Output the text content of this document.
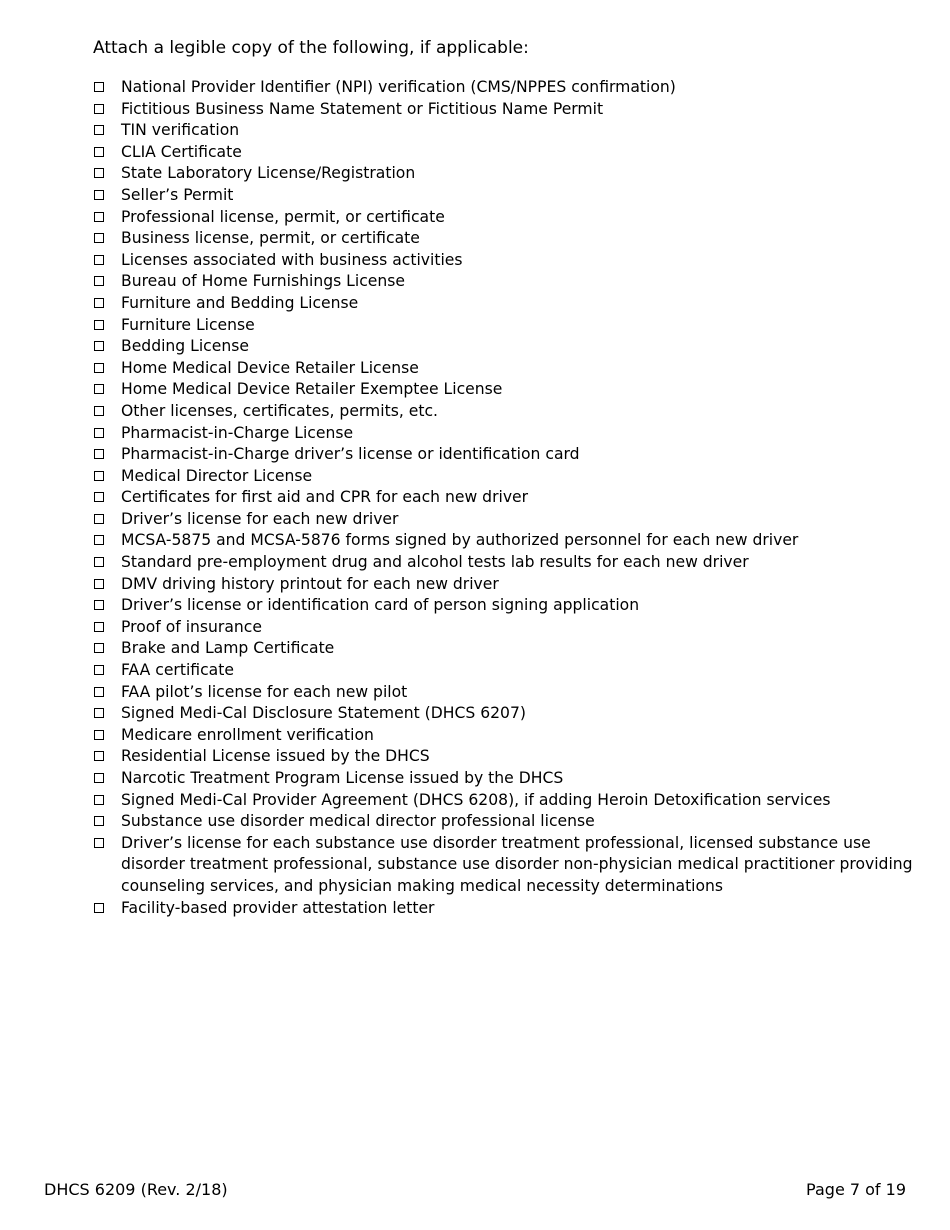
Attach a legible copy of the following, if applicable:

National Provider Identifier (NPI) verification (CMS/NPPES confirmation)
Fictitious Business Name Statement or Fictitious Name Permit
TIN verification
CLIA Certificate
State Laboratory License/Registration
Seller’s Permit
Professional license, permit, or certificate
Business license, permit, or certificate
Licenses associated with business activities
Bureau of Home Furnishings License
Furniture and Bedding License
Furniture License
Bedding License
Home Medical Device Retailer License
Home Medical Device Retailer Exemptee License
Other licenses, certificates, permits, etc.
Pharmacist-in-Charge License
Pharmacist-in-Charge driver’s license or identification card
Medical Director License
Certificates for first aid and CPR for each new driver
Driver’s license for each new driver
MCSA-5875 and MCSA-5876 forms signed by authorized personnel for each new driver
Standard pre-employment drug and alcohol tests lab results for each new driver
DMV driving history printout for each new driver
Driver’s license or identification card of person signing application
Proof of insurance
Brake and Lamp Certificate
FAA certificate
FAA pilot’s license for each new pilot
Signed Medi-Cal Disclosure Statement (DHCS 6207)
Medicare enrollment verification
Residential License issued by the DHCS
Narcotic Treatment Program License issued by the DHCS
Signed Medi-Cal Provider Agreement (DHCS 6208), if adding Heroin Detoxification services
Substance use disorder medical director professional license
Driver’s license for each substance use disorder treatment professional, licensed substance use disorder treatment professional, substance use disorder non-physician medical practitioner providing counseling services, and physician making medical necessity determinations
Facility-based provider attestation letter
DHCS 6209 (Rev. 2/18)	Page 7 of 19
